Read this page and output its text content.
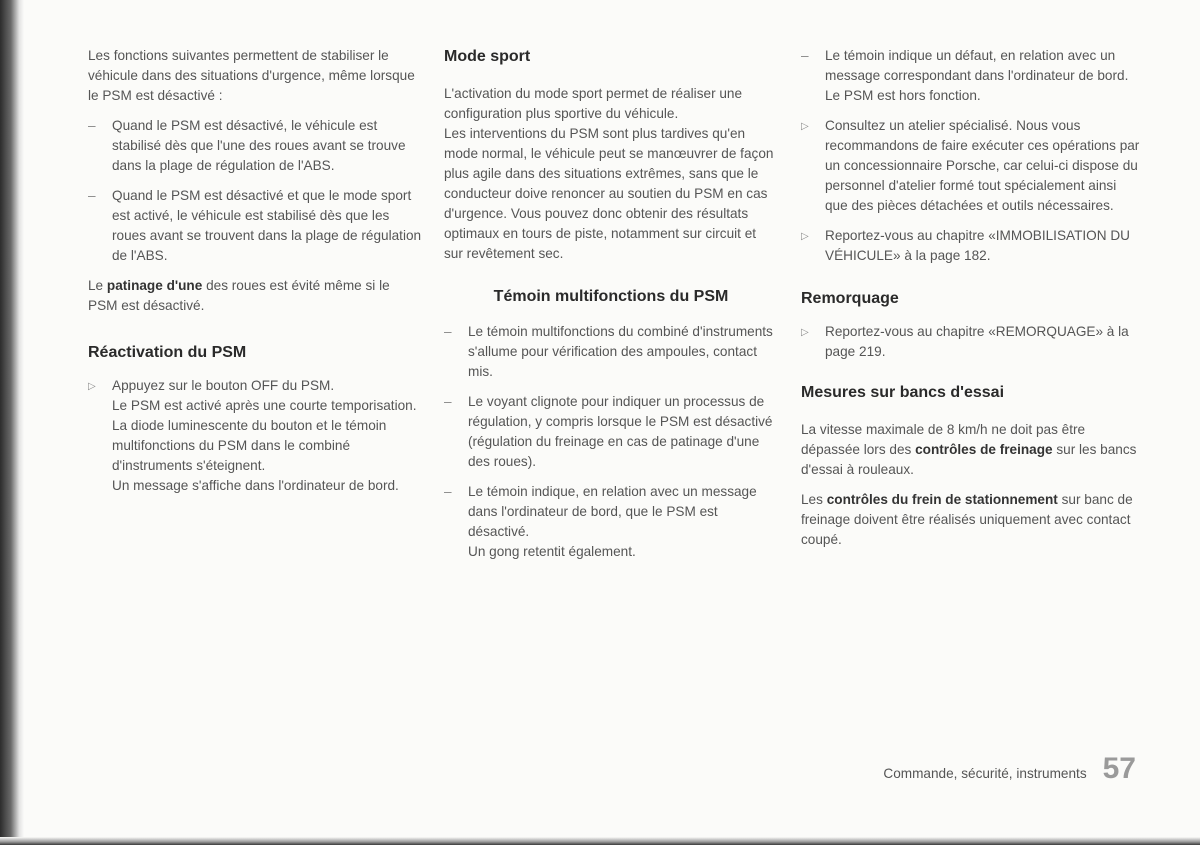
Les fonctions suivantes permettent de stabiliser le véhicule dans des situations d'urgence, même lorsque le PSM est désactivé :

–	Quand le PSM est désactivé, le véhicule est stabilisé dès que l'une des roues avant se trouve dans la plage de régulation de l'ABS.
–	Quand le PSM est désactivé et que le mode sport est activé, le véhicule est stabilisé dès que les roues avant se trouvent dans la plage de régulation de l'ABS.

Le patinage d'une des roues est évité même si le PSM est désactivé.

Réactivation du PSM
▷	Appuyez sur le bouton OFF du PSM.
Le PSM est activé après une courte temporisation.
La diode luminescente du bouton et le témoin multifonctions du PSM dans le combiné d'instruments s'éteignent.
Un message s'affiche dans l'ordinateur de bord.
Mode sport

L'activation du mode sport permet de réaliser une configuration plus sportive du véhicule.

Les interventions du PSM sont plus tardives qu'en mode normal, le véhicule peut se manœuvrer de façon plus agile dans des situations extrêmes, sans que le conducteur doive renoncer au soutien du PSM en cas d'urgence. Vous pouvez donc obtenir des résultats optimaux en tours de piste, notamment sur circuit et sur revêtement sec.

Témoin multifonctions du PSM
–	Le témoin multifonctions du combiné d'instruments s'allume pour vérification des ampoules, contact mis.
–	Le voyant clignote pour indiquer un processus de régulation, y compris lorsque le PSM est désactivé (régulation du freinage en cas de patinage d'une des roues).
–	Le témoin indique, en relation avec un message dans l'ordinateur de bord, que le PSM est désactivé.
Un gong retentit également.
–	Le témoin indique un défaut, en relation avec un message correspondant dans l'ordinateur de bord.
Le PSM est hors fonction.
▷	Consultez un atelier spécialisé. Nous vous recommandons de faire exécuter ces opérations par un concessionnaire Porsche, car celui-ci dispose du personnel d'atelier formé tout spécialement ainsi que des pièces détachées et outils nécessaires.
▷	Reportez-vous au chapitre «IMMOBILISATION DU VÉHICULE» à la page 182.
Remorquage
▷	Reportez-vous au chapitre «REMORQUAGE» à la page 219.
Mesures sur bancs d'essai

La vitesse maximale de 8 km/h ne doit pas être dépassée lors des contrôles de freinage sur les bancs d'essai à rouleaux.

Les contrôles du frein de stationnement sur banc de freinage doivent être réalisés uniquement avec contact coupé.

Commande, sécurité, instruments 57
